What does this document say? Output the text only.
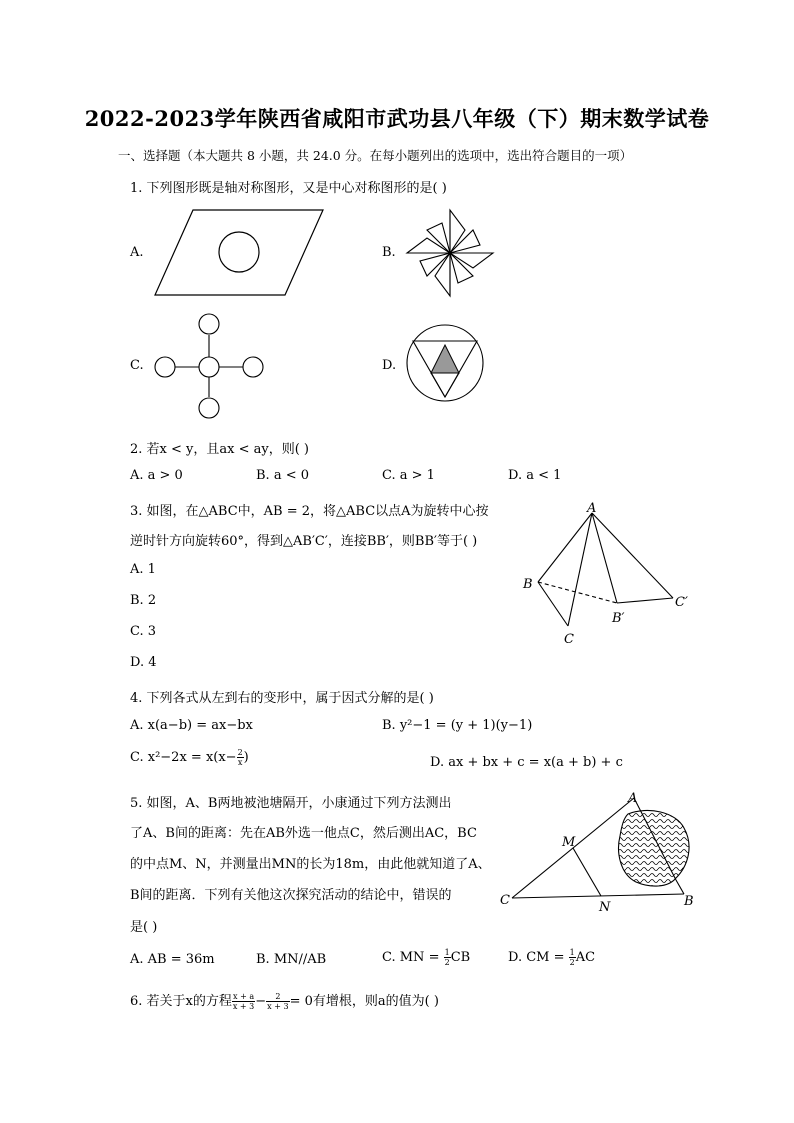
2022-2023学年陕西省咸阳市武功县八年级（下）期末数学试卷
一、选择题（本大题共 8 小题，共 24.0 分。在每小题列出的选项中，选出符合题目的一项）
1. 下列图形既是轴对称图形，又是中心对称图形的是( )
A.	B.
C.	D.
2. 若x < y，且ax < ay，则( )
A. a > 0	B. a < 0	C. a > 1	D. a < 1
3. 如图，在△ABC中，AB = 2，将△ABC以点A为旋转中心按
逆时针方向旋转60°，得到△AB′C′，连接BB′，则BB′等于( )
A. 1
B. 2
C. 3
D. 4
A
B
C
B′
C′
4. 下列各式从左到右的变形中，属于因式分解的是( )
A. x(a−b) = ax−bx	B. y²−1 = (y + 1)(y−1)
C. $x^2-2x = x(x- \frac{2}{x}$ )	D. ax + bx + c = x(a + b) + c
5. 如图，A、B两地被池塘隔开，小康通过下列方法测出
了A、B间的距离：先在AB外选一他点C，然后测出AC，BC
的中点M、N，并测量出MN的长为18m，由此他就知道了A、
B间的距离．下列有关他这次探究活动的结论中，错误的
是( )
A. AB = 36m	B. MN//AB	C. MN = $\frac{1}{2}$ CB	D. CM = $\frac{1}{2}$ AC
A
M
C	N	B
6. 若关于x的方程 $\frac{x + a}{x + 3} - \frac{2}{x + 3} = 0$有增根，则a的值为( )
